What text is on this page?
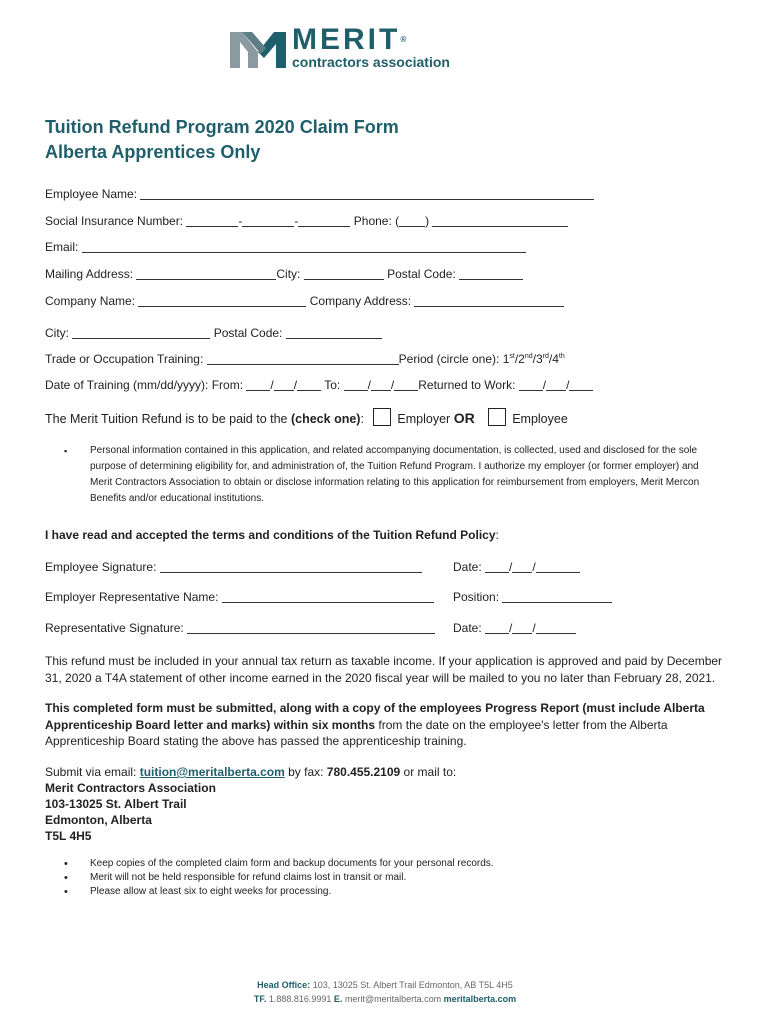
MERIT®
contractors association
Tuition Refund Program 2020 Claim Form
Alberta Apprentices Only
Employee Name:
Social Insurance Number:	-	-	Phone: ( )
Email:
Mailing Address:	City:	Postal Code:
Company Name:	Company Address:
City:	Postal Code:
Trade or Occupation Training:	Period (circle one): 1st/2nd/3rd/4th
Date of Training (mm/dd/yyyy): From: / / To: / / Returned to Work: / /
The Merit Tuition Refund is to be paid to the (check one):	Employer OR	Employee
▪ Personal information contained in this application, and related accompanying documentation, is collected, used and disclosed for the sole purpose of determining eligibility for, and administration of, the Tuition Refund Program. I authorize my employer (or former employer) and Merit Contractors Association to obtain or disclose information relating to this application for reimbursement from employers, Merit Mercon Benefits and/or educational institutions.
I have read and accepted the terms and conditions of the Tuition Refund Policy:
Employee Signature:	Date: / /
Employer Representative Name:	Position:
Representative Signature:	Date: / /
This refund must be included in your annual tax return as taxable income. If your application is approved and paid by December 31, 2020 a T4A statement of other income earned in the 2020 fiscal year will be mailed to you no later than February 28, 2021.
This completed form must be submitted, along with a copy of the employees Progress Report (must include Alberta Apprenticeship Board letter and marks) within six months from the date on the employee's letter from the Alberta Apprenticeship Board stating the above has passed the apprenticeship training.
Submit via email: tuition@meritalberta.com by fax: 780.455.2109 or mail to:
Merit Contractors Association
103-13025 St. Albert Trail
Edmonton, Alberta
T5L 4H5
• Keep copies of the completed claim form and backup documents for your personal records.
• Merit will not be held responsible for refund claims lost in transit or mail.
• Please allow at least six to eight weeks for processing.
Head Office: 103, 13025 St. Albert Trail Edmonton, AB T5L 4H5
TF. 1.888.816.9991 E. merit@meritalberta.com meritalberta.com
